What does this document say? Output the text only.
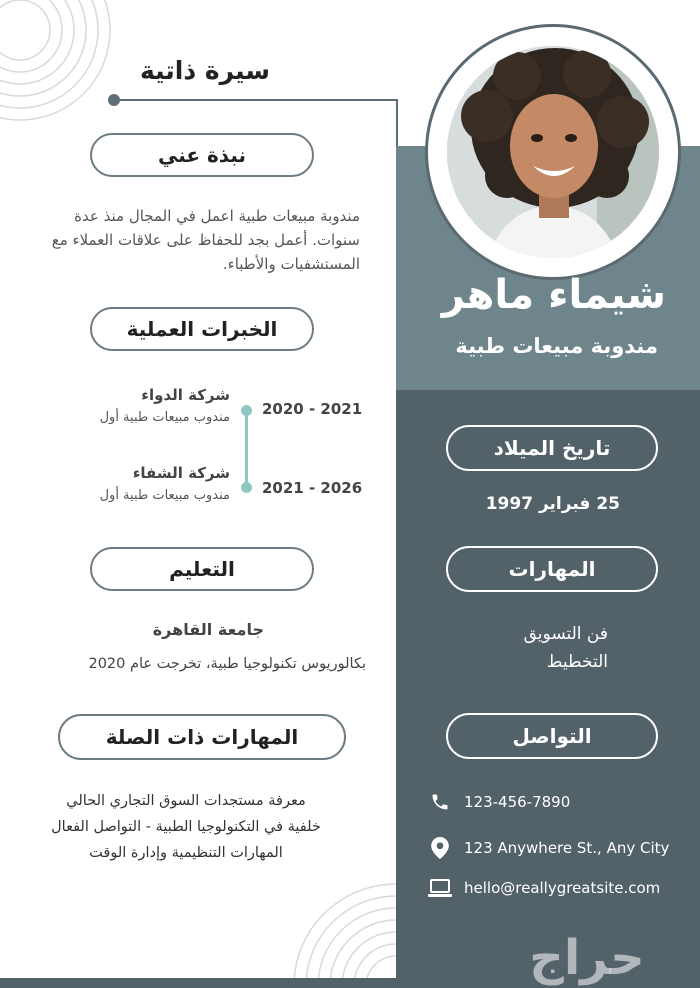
سيرة ذاتية
شيماء ماهر
مندوبة مبيعات طبية
نبذة عني
مندوبة مبيعات طبية اعمل في المجال منذ عدة سنوات. أعمل بجد للحفاظ على علاقات العملاء مع المستشفيات والأطباء.
الخبرات العملية
2020 - 2021
شركة الدواء
مندوب مبيعات طبية أول
2021 - 2026
شركة الشفاء
مندوب مبيعات طبية أول
التعليم
جامعة القاهرة
بكالوريوس تكنولوجيا طبية، تخرجت عام 2020
المهارات ذات الصلة
معرفة مستجدات السوق التجاري الحالي
خلفية في التكنولوجيا الطبية - التواصل الفعال
المهارات التنظيمية وإدارة الوقت
تاريخ الميلاد
25 فبراير 1997
المهارات
فن التسويق
التخطيط
التواصل
123-456-7890
123 Anywhere St., Any City
hello@reallygreatsite.com
حراج
